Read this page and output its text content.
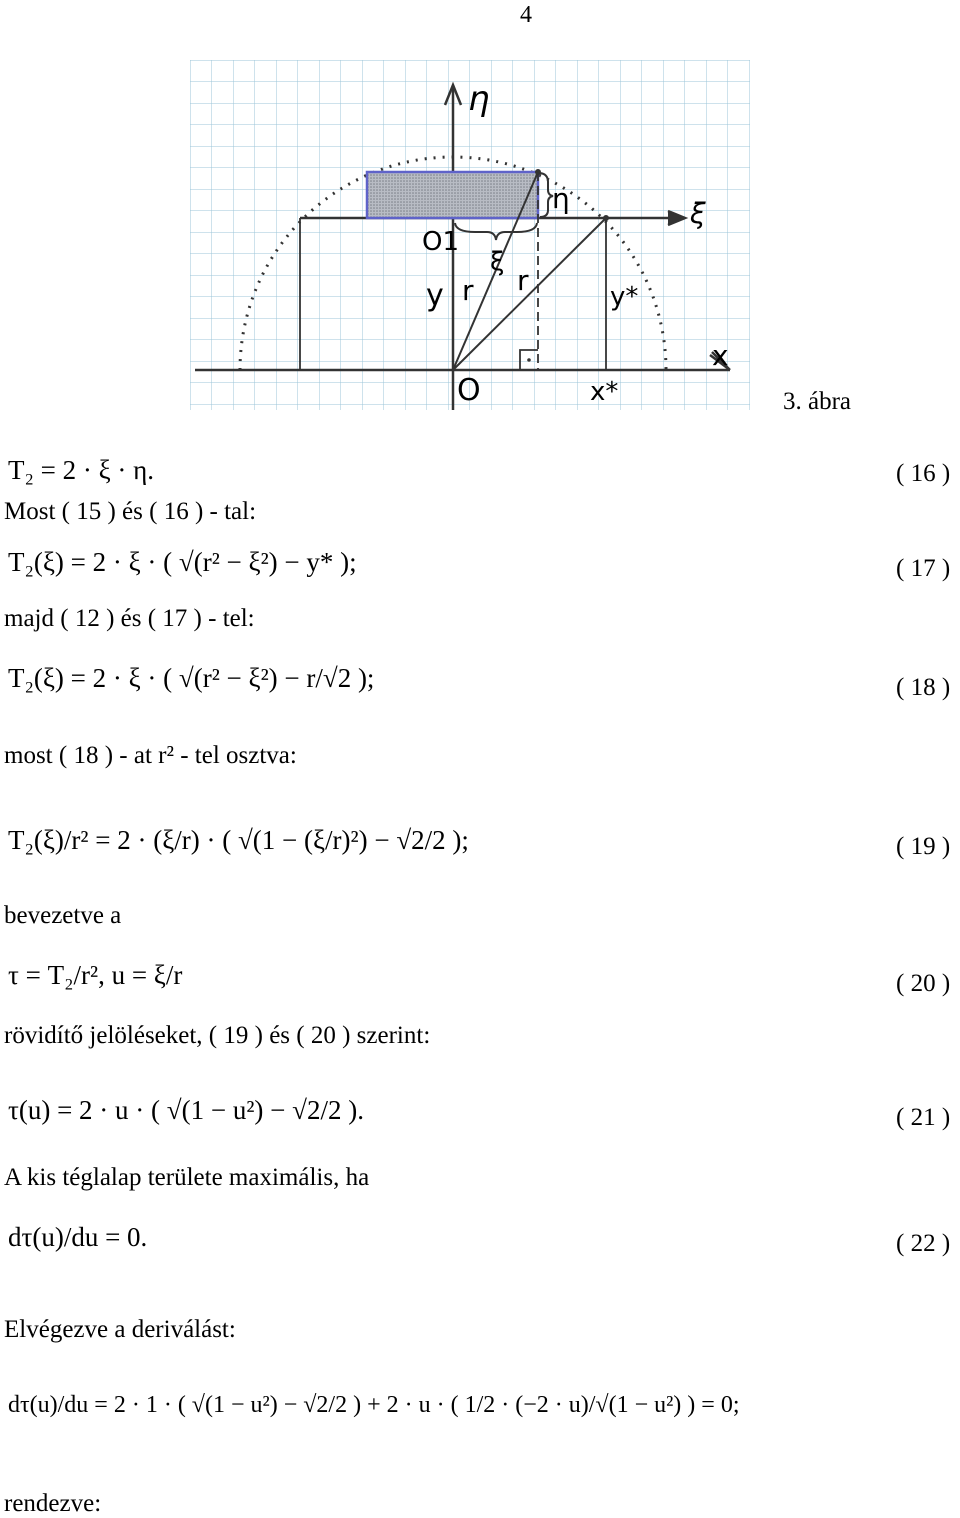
4
η
ξ
x
O
O1
y r r
ξ
η
y*
x*	3. ábra
T₂ = 2 · ξ · η.	( 16 )
Most ( 15 ) és ( 16 ) - tal:
T₂(ξ) = 2 · ξ · ( √(r² − ξ²) − y* );	( 17 )
majd ( 12 ) és ( 17 ) - tel:
T₂(ξ) = 2 · ξ · ( √(r² − ξ²) − r/√2 );	( 18 )
most ( 18 ) - at r² - tel osztva:
T₂(ξ)/r² = 2 · (ξ/r) · ( √(1 − (ξ/r)²) − √2/2 );	( 19 )
bevezetve a
τ = T₂/r², u = ξ/r	( 20 )
rövidítő jelöléseket, ( 19 ) és ( 20 ) szerint:
τ(u) = 2 · u · ( √(1 − u²) − √2/2 ).	( 21 )
A kis téglalap területe maximális, ha
dτ(u)/du = 0.	( 22 )
Elvégezve a deriválást:
dτ(u)/du = 2 · 1 · ( √(1 − u²) − √2/2 ) + 2 · u · ( 1/2 · (−2 · u)/√(1 − u²) ) = 0;
rendezve:
